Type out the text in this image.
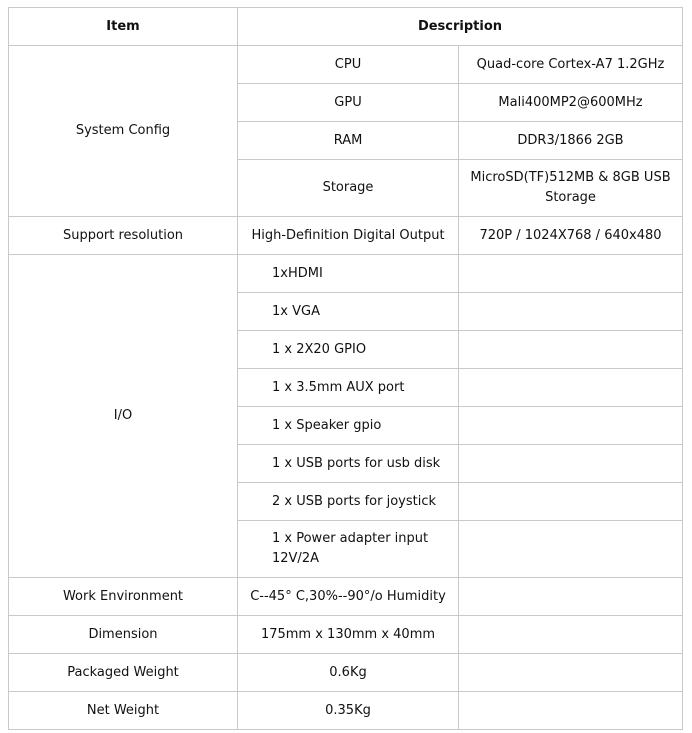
Item	Description	
System Config	CPU	Quad-core Cortex-A7 1.2GHz
	GPU	Mali400MP2@600MHz
	RAM	DDR3/1866 2GB
	Storage	MicroSD(TF)512MB & 8GB USB Storage
Support resolution	High-Definition Digital Output	720P / 1024X768 / 640x480
I/O	1xHDMI	
	1x VGA	
	1 x 2X20 GPIO	
	1 x 3.5mm AUX port	
	1 x Speaker gpio	
	1 x USB ports for usb disk	
	2 x USB ports for joystick	
	1 x Power adapter input 12V/2A	
Work Environment	C--45° C,30%--90°/o Humidity	
Dimension	175mm x 130mm x 40mm	
Packaged Weight	0.6Kg	
Net Weight	0.35Kg	
